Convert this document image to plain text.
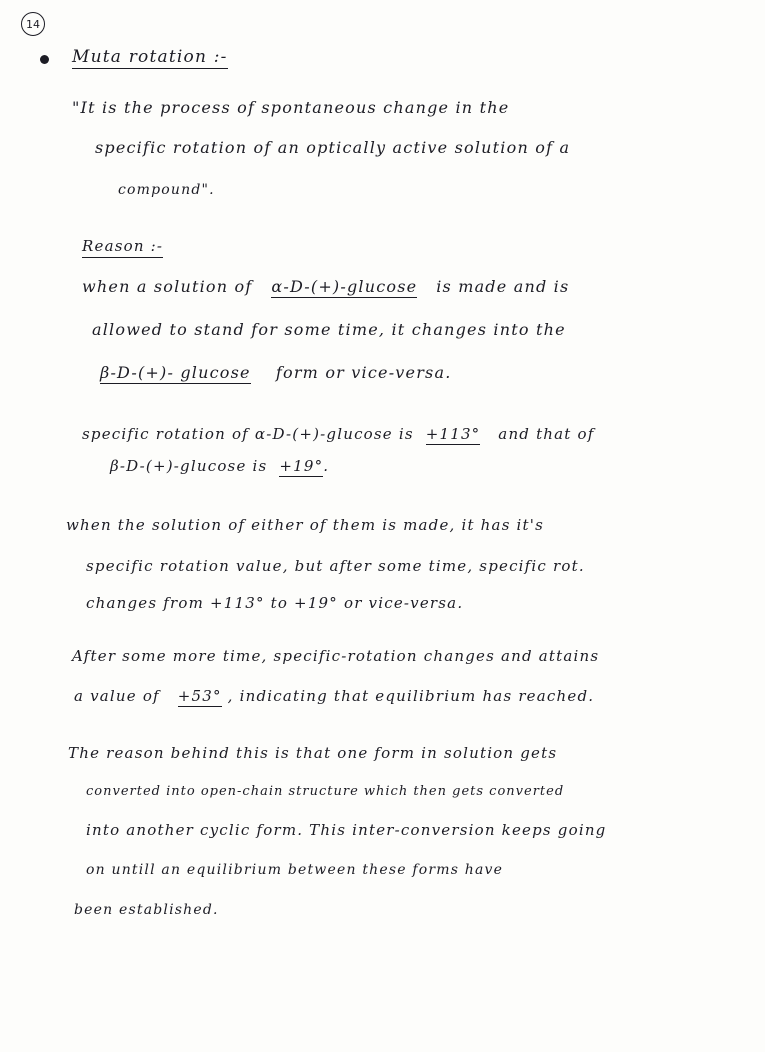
14
Muta rotation :-
"It is the process of spontaneous change in the
specific rotation of an optically active solution of a
compound".
Reason :-
when a solution of α-D-(+)-glucose is made and is
allowed to stand for some time, it changes into the
β-D-(+)- glucose form or vice-versa.
specific rotation of α-D-(+)-glucose is +113° and that of
β-D-(+)-glucose is +19°.
when the solution of either of them is made, it has it's
specific rotation value, but after some time, specific rot.
changes from +113° to +19° or vice-versa.
After some more time, specific-rotation changes and attains
a value of +53° , indicating that equilibrium has reached.
The reason behind this is that one form in solution gets
converted into open-chain structure which then gets converted
into another cyclic form. This inter-conversion keeps going
on untill an equilibrium between these forms have
been established.
